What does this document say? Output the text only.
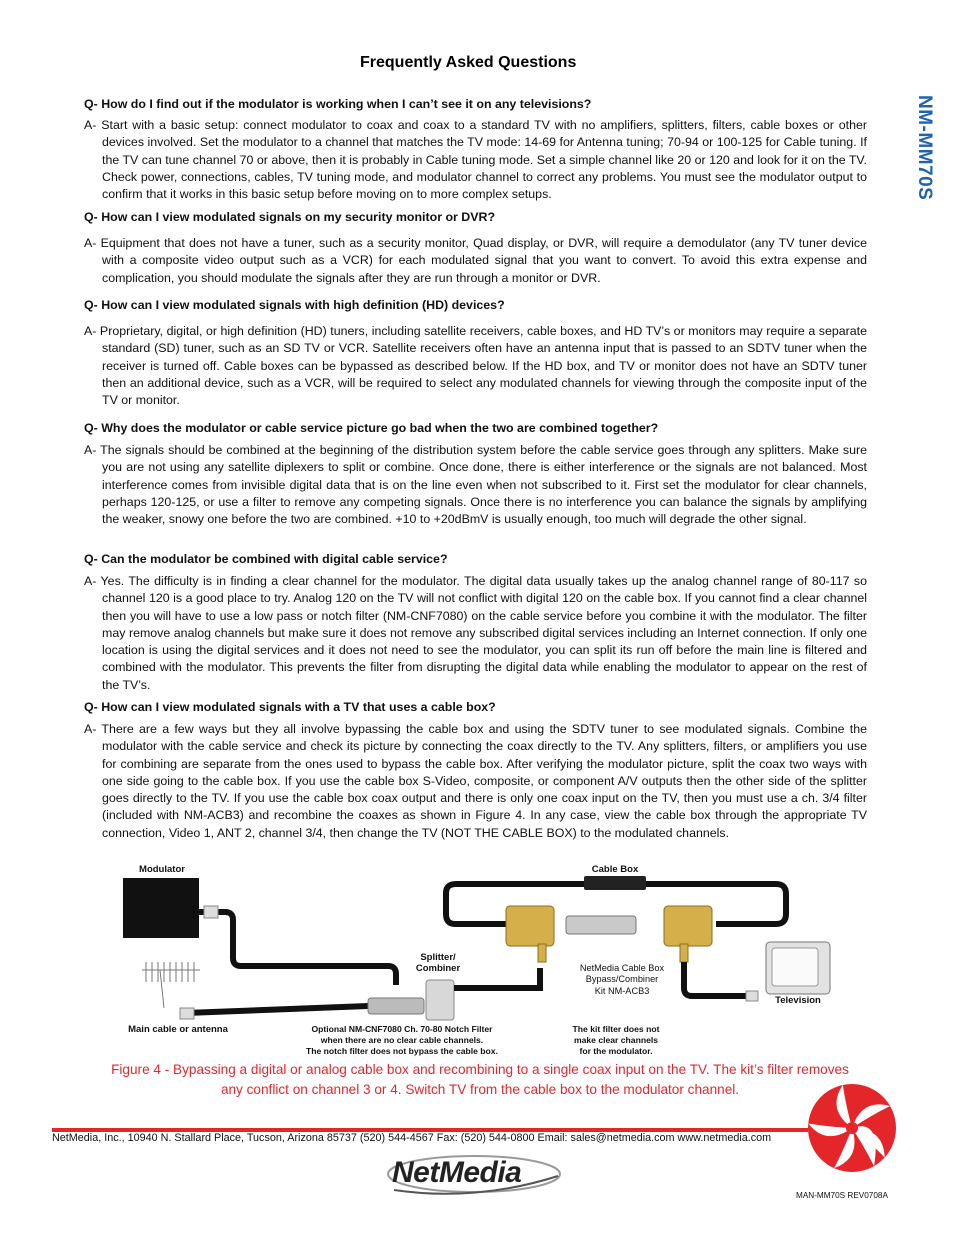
Frequently Asked Questions
NM-MM70S

Q- How do I find out if the modulator is working when I can’t see it on any televisions?

A- Start with a basic setup: connect modulator to coax and coax to a standard TV with no amplifiers, splitters, filters, cable boxes or other devices involved. Set the modulator to a channel that matches the TV mode: 14-69 for Antenna tuning; 70-94 or 100-125 for Cable tuning. If the TV can tune channel 70 or above, then it is probably in Cable tuning mode. Set a simple channel like 20 or 120 and look for it on the TV. Check power, connections, cables, TV tuning mode, and modulator channel to correct any problems. You must see the modulator output to confirm that it works in this basic setup before moving on to more complex setups.

Q- How can I view modulated signals on my security monitor or DVR?

A- Equipment that does not have a tuner, such as a security monitor, Quad display, or DVR, will require a demodulator (any TV tuner device with a composite video output such as a VCR) for each modulated signal that you want to convert. To avoid this extra expense and complication, you should modulate the signals after they are run through a monitor or DVR.

Q- How can I view modulated signals with high definition (HD) devices?

A- Proprietary, digital, or high definition (HD) tuners, including satellite receivers, cable boxes, and HD TV’s or monitors may require a separate standard (SD) tuner, such as an SD TV or VCR. Satellite receivers often have an antenna input that is passed to an SDTV tuner when the receiver is turned off. Cable boxes can be bypassed as described below. If the HD box, and TV or monitor does not have an SDTV tuner then an additional device, such as a VCR, will be required to select any modulated channels for viewing through the composite input of the TV or monitor.

Q- Why does the modulator or cable service picture go bad when the two are combined together?

A- The signals should be combined at the beginning of the distribution system before the cable service goes through any splitters. Make sure you are not using any satellite diplexers to split or combine. Once done, there is either interference or the signals are not balanced. Most interference comes from invisible digital data that is on the line even when not subscribed to it. First set the modulator for clear channels, perhaps 120-125, or use a filter to remove any competing signals. Once there is no interference you can balance the signals by amplifying the weaker, snowy one before the two are combined. +10 to +20dBmV is usually enough, too much will degrade the other signal.

Q- Can the modulator be combined with digital cable service?

A- Yes. The difficulty is in finding a clear channel for the modulator. The digital data usually takes up the analog channel range of 80-117 so channel 120 is a good place to try. Analog 120 on the TV will not conflict with digital 120 on the cable box. If you cannot find a clear channel then you will have to use a low pass or notch filter (NM-CNF7080) on the cable service before you combine it with the modulator. The filter may remove analog channels but make sure it does not remove any subscribed digital services including an Internet connection. If only one location is using the digital services and it does not need to see the modulator, you can split its run off before the main line is filtered and combined with the modulator. This prevents the filter from disrupting the digital data while enabling the modulator to appear on the rest of the TV’s.

Q- How can I view modulated signals with a TV that uses a cable box?

A- There are a few ways but they all involve bypassing the cable box and using the SDTV tuner to see modulated signals. Combine the modulator with the cable service and check its picture by connecting the coax directly to the TV. Any splitters, filters, or amplifiers you use for combining are separate from the ones used to bypass the cable box. After verifying the modulator picture, split the coax two ways with one side going to the cable box. If you use the cable box S-Video, composite, or component A/V outputs then the other side of the splitter goes directly to the TV. If you use the cable box coax output and there is only one coax input on the TV, then you must use a ch. 3/4 filter (included with NM-ACB3) and recombine the coaxes as shown in Figure 4. In any case, view the cable box through the appropriate TV connection, Video 1, ANT 2, channel 3/4, then change the TV (NOT THE CABLE BOX) to the modulated channels.

Modulator	Cable Box
Splitter/
Combiner	NetMedia Cable Box
Bypass/Combiner
Kit NM-ACB3
Television
Main cable or antenna	Optional NM-CNF7080 Ch. 70-80 Notch Filter
when there are no clear cable channels.
The notch filter does not bypass the cable box.
The kit filter does not
make clear channels
for the modulator.
Figure 4 - Bypassing a digital or analog cable box and recombining to a single coax input on the TV. The kit’s filter removes any conflict on channel 3 or 4. Switch TV from the cable box to the modulator channel.
NetMedia, Inc., 10940 N. Stallard Place, Tucson, Arizona 85737 (520) 544-4567 Fax: (520) 544-0800 Email: sales@netmedia.com www.netmedia.com
NetMedia
MAN-MM70S REV0708A
